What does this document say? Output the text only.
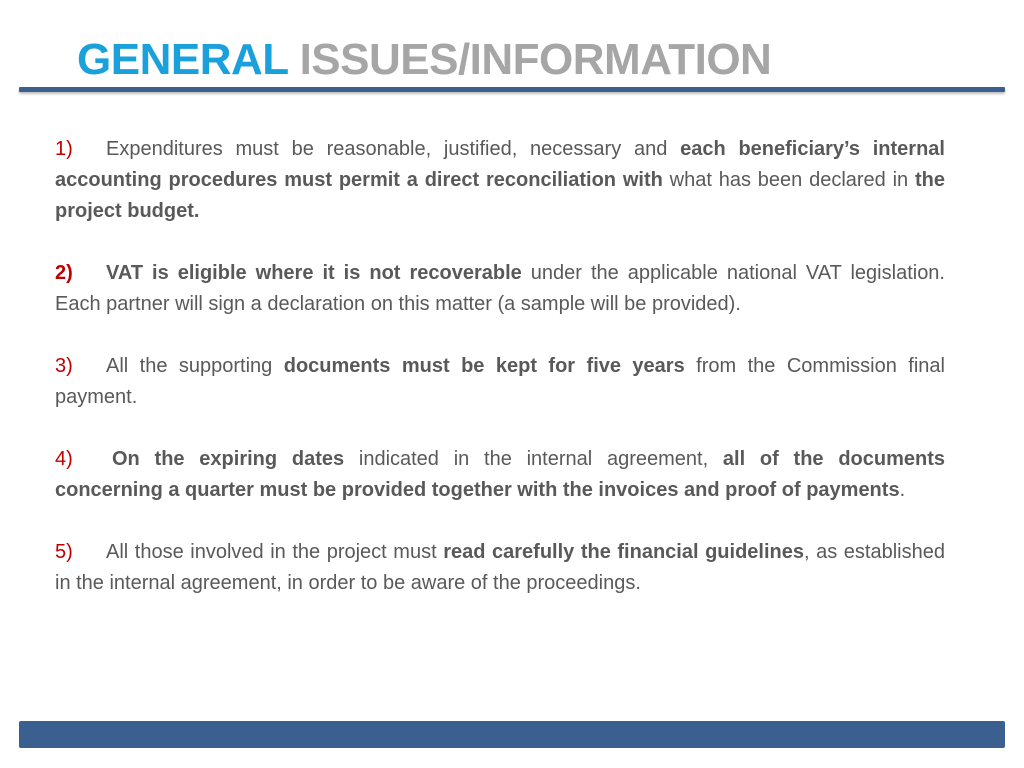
GENERAL ISSUES/INFORMATION

1) Expenditures must be reasonable, justified, necessary and each beneficiary’s internal accounting procedures must permit a direct reconciliation with what has been declared in the project budget.

2) VAT is eligible where it is not recoverable under the applicable national VAT legislation. Each partner will sign a declaration on this matter (a sample will be provided).

3) All the supporting documents must be kept for five years from the Commission final payment.

4) On the expiring dates indicated in the internal agreement, all of the documents concerning a quarter must be provided together with the invoices and proof of payments.

5) All those involved in the project must read carefully the financial guidelines, as established in the internal agreement, in order to be aware of the proceedings.
